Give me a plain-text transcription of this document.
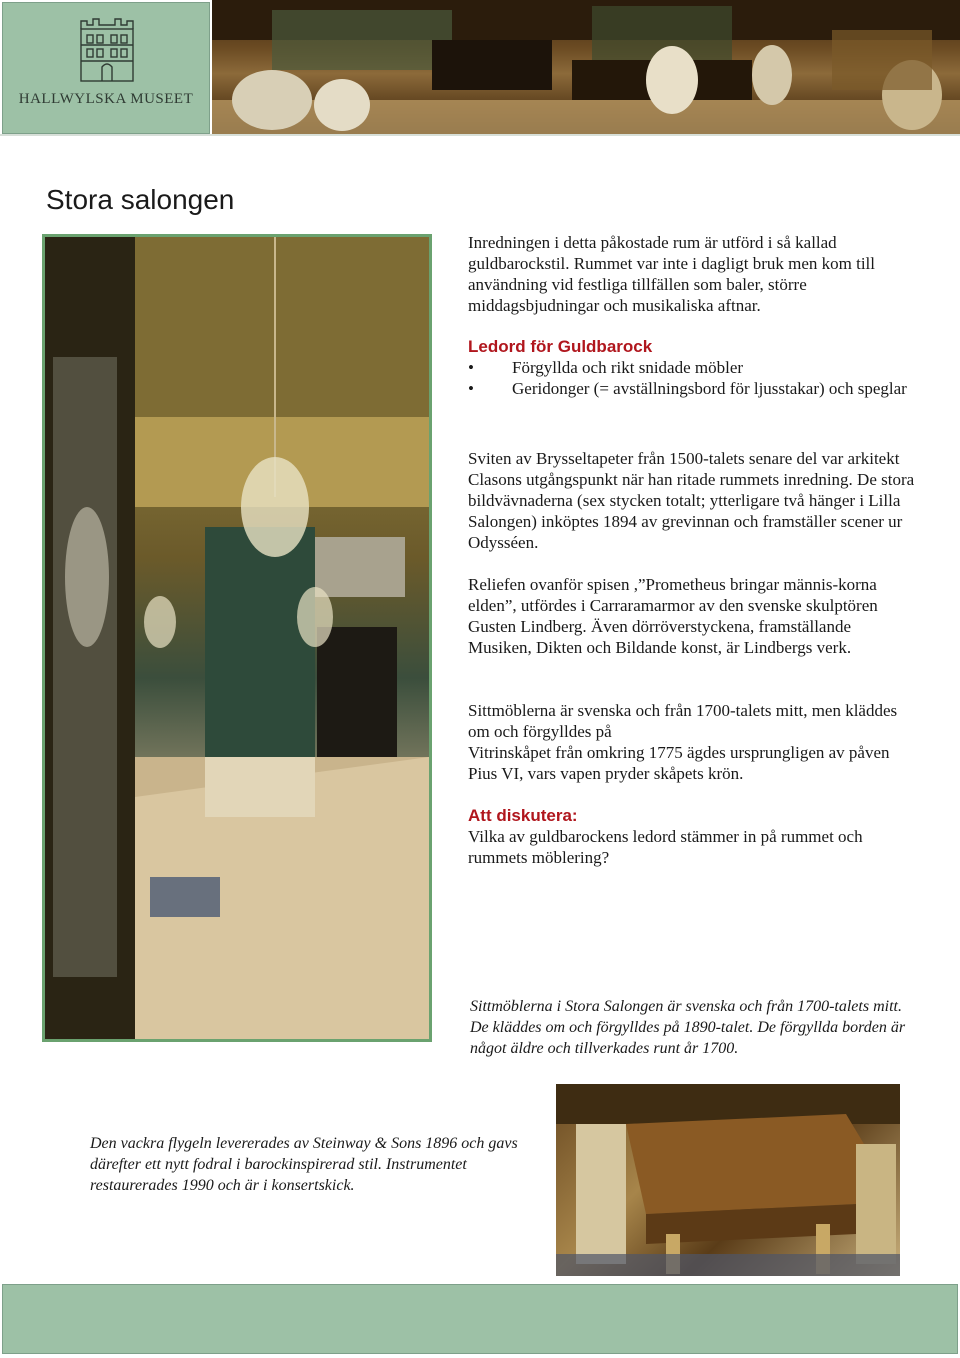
HALLWYLSKA MUSEET
Stora salongen

Inredningen i detta påkostade rum är utförd i så kallad guldbarockstil. Rummet var inte i dagligt bruk men kom till användning vid festliga tillfällen som baler, större middagsbjudningar och musikaliska aftnar.

Ledord för Guldbarock

• Förgyllda och rikt snidade möbler
• Geridonger (= avställningsbord för ljusstakar) och speglar

Sviten av Brysseltapeter från 1500-talets senare del var arkitekt Clasons utgångspunkt när han ritade rummets inredning. De stora bildvävnaderna (sex stycken totalt; ytterligare två hänger i Lilla Salongen) inköptes 1894 av grevinnan och framställer scener ur Odysséen.

Reliefen ovanför spisen ,”Prometheus bringar männis-korna elden”, utfördes i Carraramarmor av den svenske skulptören Gusten Lindberg. Även dörröverstyckena, framställande Musiken, Dikten och Bildande konst, är Lindbergs verk.

Sittmöblerna är svenska och från 1700-talets mitt, men kläddes om och förgylldes på

Vitrinskåpet från omkring 1775 ägdes ursprungligen av påven Pius VI, vars vapen pryder skåpets krön.

Att diskutera:

Vilka av guldbarockens ledord stämmer in på rummet och rummets möblering?

Sittmöblerna i Stora Salongen är svenska och från 1700-talets mitt. De kläddes om och förgylldes på 1890-talet. De förgyllda borden är något äldre och tillverkades runt år 1700.

Den vackra flygeln levererades av Steinway & Sons 1896 och gavs därefter ett nytt fodral i barockinspirerad stil. Instrumentet restaurerades 1990 och är i konsertskick.
